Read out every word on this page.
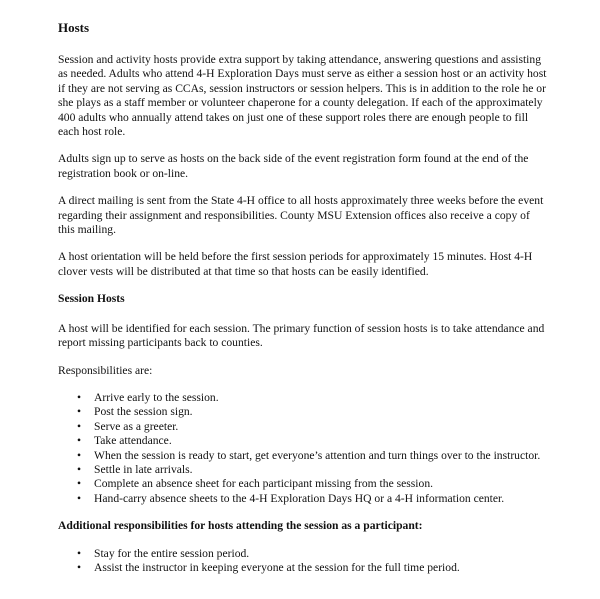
Hosts

Session and activity hosts provide extra support by taking attendance, answering questions and assisting as needed. Adults who attend 4-H Exploration Days must serve as either a session host or an activity host if they are not serving as CCAs, session instructors or session helpers. This is in addition to the role he or she plays as a staff member or volunteer chaperone for a county delegation. If each of the approximately 400 adults who annually attend takes on just one of these support roles there are enough people to fill each host role.

Adults sign up to serve as hosts on the back side of the event registration form found at the end of the registration book or on-line.

A direct mailing is sent from the State 4-H office to all hosts approximately three weeks before the event regarding their assignment and responsibilities. County MSU Extension offices also receive a copy of this mailing.

A host orientation will be held before the first session periods for approximately 15 minutes. Host 4-H clover vests will be distributed at that time so that hosts can be easily identified.

Session Hosts

A host will be identified for each session. The primary function of session hosts is to take attendance and report missing participants back to counties.

Responsibilities are:

• Arrive early to the session.
• Post the session sign.
• Serve as a greeter.
• Take attendance.
• When the session is ready to start, get everyone’s attention and turn things over to the instructor.
• Settle in late arrivals.
• Complete an absence sheet for each participant missing from the session.
• Hand-carry absence sheets to the 4-H Exploration Days HQ or a 4-H information center.
Additional responsibilities for hosts attending the session as a participant:
• Stay for the entire session period.
• Assist the instructor in keeping everyone at the session for the full time period.
